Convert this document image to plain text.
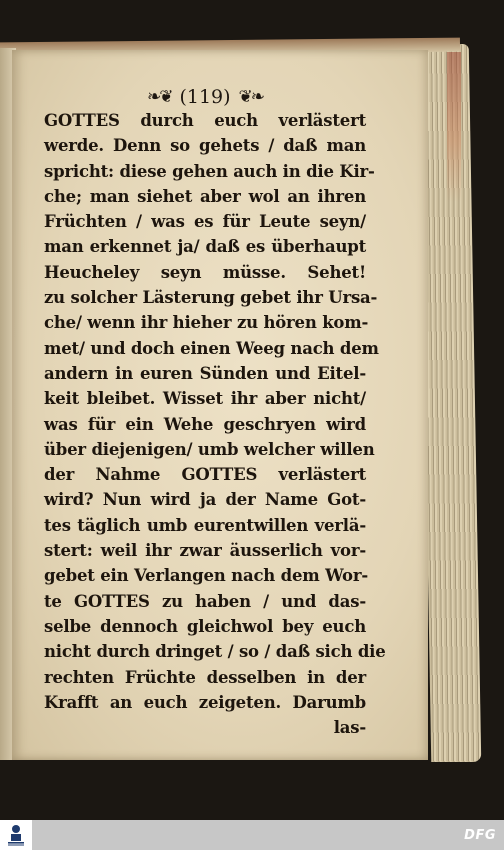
❧❦ (119) ❦❧
GOTTES durch euch verlästert
werde. Denn so gehets / daß man
spricht: diese gehen auch in die Kir-
che; man siehet aber wol an ihren
Früchten / was es für Leute seyn/
man erkennet ja/ daß es überhaupt
Heucheley seyn müsse. Sehet!
zu solcher Lästerung gebet ihr Ursa-
che/ wenn ihr hieher zu hören kom-
met/ und doch einen Weeg nach dem
andern in euren Sünden und Eitel-
keit bleibet. Wisset ihr aber nicht/
was für ein Wehe geschryen wird
über diejenigen/ umb welcher willen
der Nahme GOTTES verlästert
wird? Nun wird ja der Name Got-
tes täglich umb eurentwillen verlä-
stert: weil ihr zwar äusserlich vor-
gebet ein Verlangen nach dem Wor-
te GOTTES zu haben / und das-
selbe dennoch gleichwol bey euch
nicht durch dringet / so / daß sich die
rechten Früchte desselben in der
Krafft an euch zeigeten. Darumb
las-
DFG
